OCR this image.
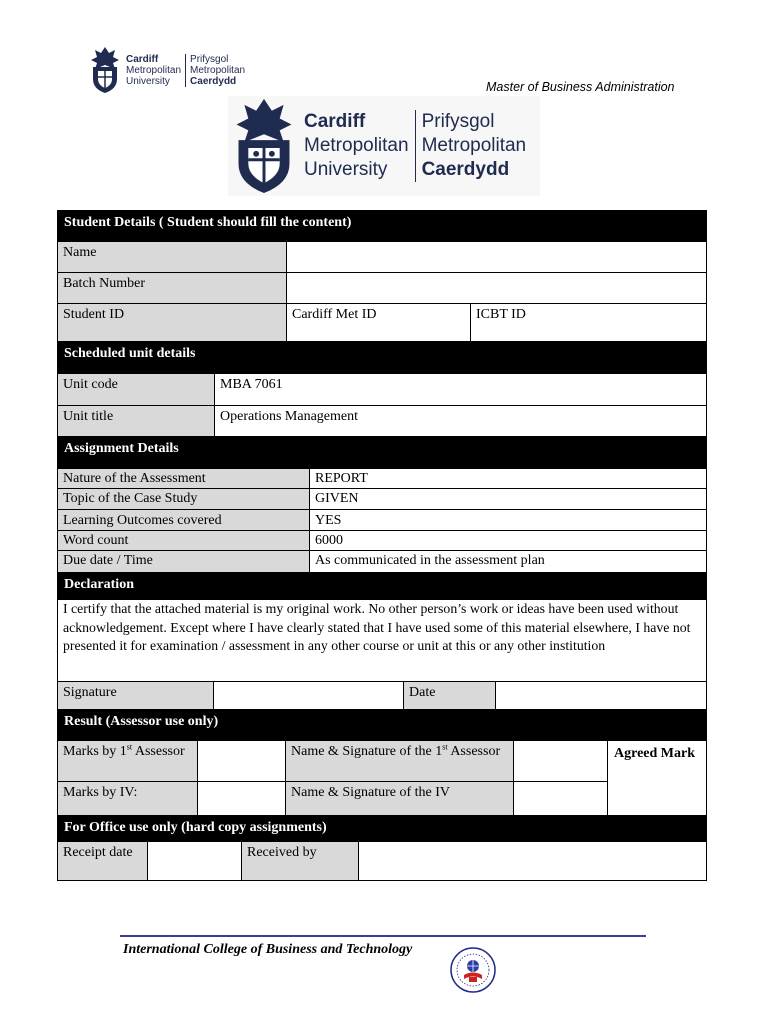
Cardiff
Metropolitan
University
Prifysgol
Metropolitan
Caerdydd	Master of Business Administration
Cardiff
Metropolitan
University
Prifysgol
Metropolitan
Caerdydd
Student Details ( Student should fill the content)
Name
Batch Number
Student ID	Cardiff Met ID	ICBT ID
Scheduled unit details
Unit code	MBA 7061
Unit title	Operations Management
Assignment Details
Nature of the Assessment	REPORT
Topic of the Case Study	GIVEN
Learning Outcomes covered	YES
Word count	6000
Due date / Time	As communicated in the assessment plan
Declaration
I certify that the attached material is my original work. No other person’s work or ideas have been used without
acknowledgement. Except where I have clearly stated that I have used some of this material elsewhere, I have not
presented it for examination / assessment in any other course or unit at this or any other institution
Signature	Date
Result (Assessor use only)
Marks by 1st Assessor	Name & Signature of the 1st Assessor
Marks by IV:	Name & Signature of the IV
Agreed Mark
For Office use only (hard copy assignments)
Receipt date	Received by
International College of Business and Technology
